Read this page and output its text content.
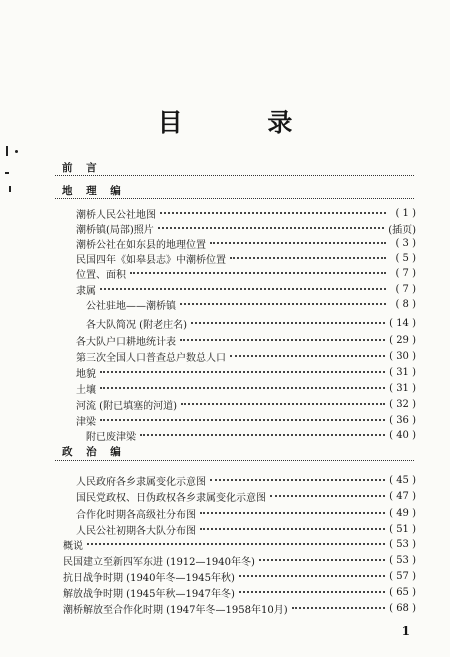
目 录
前 言
地 理 编
潮桥人民公社地图	( 1 )
潮桥镇(局部)照片	(插页)
潮桥公社在如东县的地理位置	( 3 )
民国四年《如皋县志》中潮桥位置	( 5 )
位置、面积	( 7 )
隶属	( 7 )
公社驻地——潮桥镇	( 8 )
各大队简况 (附老庄名)	( 14 )
各大队户口耕地统计表	( 29 )
第三次全国人口普查总户数总人口	( 30 )
地貌	( 31 )
土壤	( 31 )
河流 (附已填塞的河道)	( 32 )
津梁	( 36 )
附已废津梁	( 40 )
政 治 编
人民政府各乡隶属变化示意图	( 45 )
国民党政权、日伪政权各乡隶属变化示意图	( 47 )
合作化时期各高级社分布图	( 49 )
人民公社初期各大队分布图	( 51 )
概说	( 53 )
民国建立至新四军东进 (1912—1940年冬)	( 53 )
抗日战争时期 (1940年冬—1945年秋)	( 57 )
解放战争时期 (1945年秋—1947年冬)	( 65 )
潮桥解放至合作化时期 (1947年冬—1958年10月)	( 68 )
1
